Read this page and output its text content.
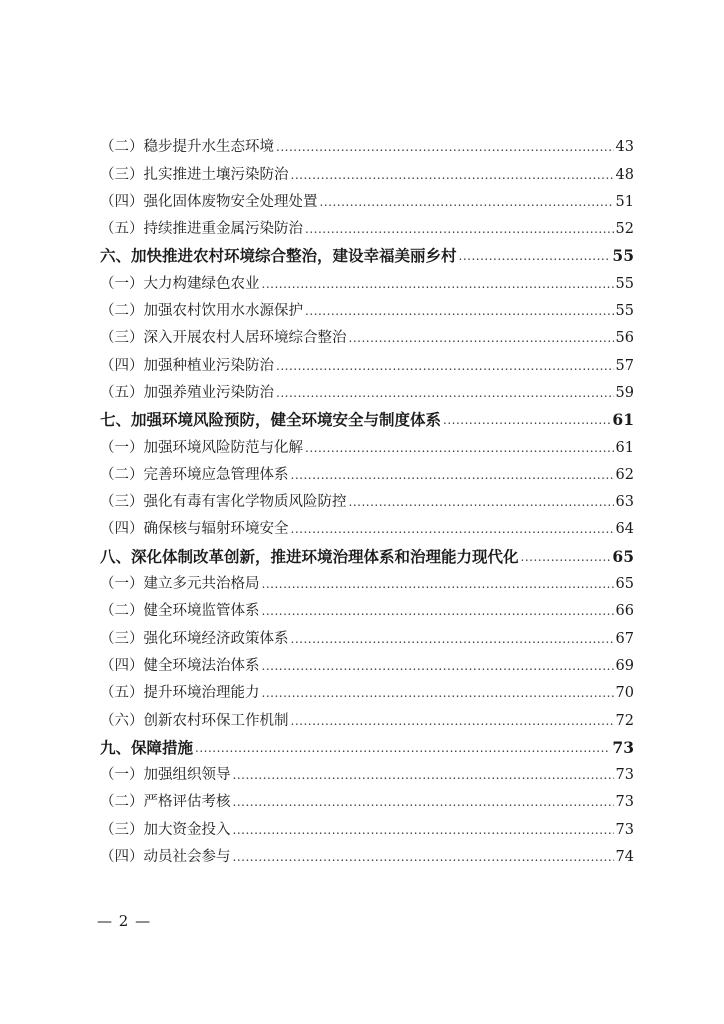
（二）稳步提升水生态环境 .....	43
（三）扎实推进土壤污染防治 .....	48
（四）强化固体废物安全处理处置 .....	51
（五）持续推进重金属污染防治 .....	52
六、加快推进农村环境综合整治，建设幸福美丽乡村 .....	55
（一）大力构建绿色农业 .....	55
（二）加强农村饮用水水源保护 .....	55
（三）深入开展农村人居环境综合整治 .....	56
（四）加强种植业污染防治 .....	57
（五）加强养殖业污染防治 .....	59
七、加强环境风险预防，健全环境安全与制度体系 .....	61
（一）加强环境风险防范与化解 .....	61
（二）完善环境应急管理体系 .....	62
（三）强化有毒有害化学物质风险防控 .....	63
（四）确保核与辐射环境安全 .....	64
八、深化体制改革创新，推进环境治理体系和治理能力现代化 .....	65
（一）建立多元共治格局 .....	65
（二）健全环境监管体系 .....	66
（三）强化环境经济政策体系 .....	67
（四）健全环境法治体系 .....	69
（五）提升环境治理能力 .....	70
（六）创新农村环保工作机制 .....	72
九、保障措施 .....	73
（一）加强组织领导 .....	73
（二）严格评估考核 .....	73
（三）加大资金投入 .....	73
（四）动员社会参与 .....	74
— 2 —
